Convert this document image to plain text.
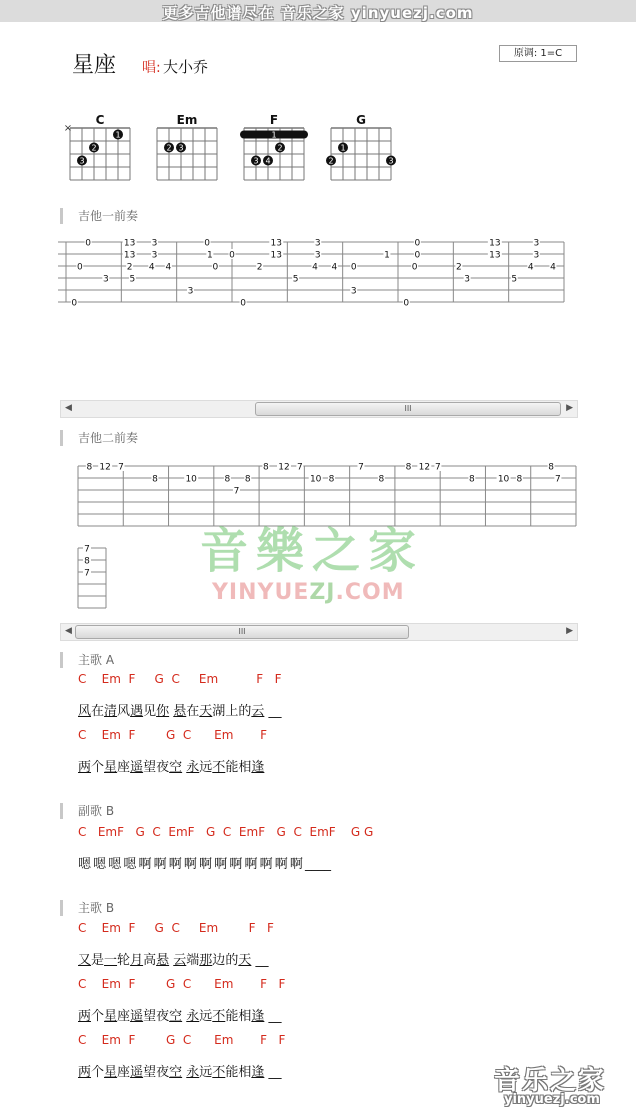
更多吉他谱尽在 音乐之家 yinyuezj.com
星座 唱: 大小乔
原调: 1=C
C
×
1
2
3
Em
2 3
F
1
2
3 4
G
1
2	3
吉他一前奏
0
0
0
3
2
13
13
5
3
3
4 4
3
0
1
0
0
0
2
13
13
5
3
3
4 4 0
3
1
0
0
0
0	2
3
13
13
5
3
3
4 4
◀	III	▶
吉他二前奏
8 12 7
8	10	8
7
8
8 12 7
10 8
7
8
8 12 7
8	10 8
8
7
7
8
7
◀	III	▶
音樂之家
YINYUEZJ.COM
主歌 A
C    Em  F     G  C     Em          F   F
风在清风遇见你 悬在天湖上的云 __
C    Em  F        G  C      Em       F
两个星座遥望夜空 永远不能相逢
副歌 B
C   EmF   G  C  EmF   G  C  EmF   G  C  EmF    G G
嗯 嗯 嗯 嗯 啊 啊 啊 啊 啊 啊 啊 啊 啊 啊 啊 ____
主歌 B
C    Em  F     G  C     Em        F   F
又是一轮月高悬 云端那边的天 __
C    Em  F        G  C      Em       F   F
两个星座遥望夜空 永远不能相逢 __
C    Em  F        G  C      Em       F   F
两个星座遥望夜空 永远不能相逢 __	音乐之家
yinyuezj.com
